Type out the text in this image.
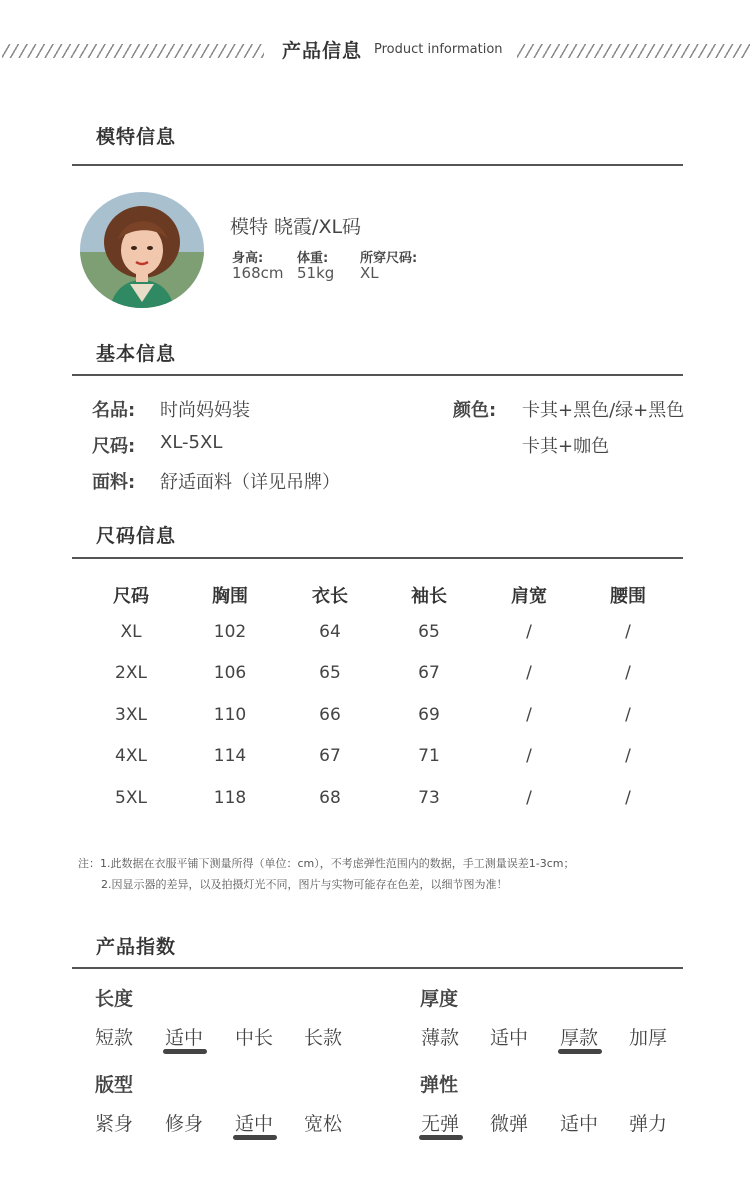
产品信息 Product information
模特信息
模特 晓霞/XL码
身高:
168cm
体重:
51kg
所穿尺码:
XL
基本信息
名品: 时尚妈妈装
尺码: XL-5XL
面料: 舒适面料（详见吊牌）
颜色: 卡其+黑色/绿+黑色
卡其+咖色
尺码信息
尺码	胸围	衣长	袖长	肩宽	腰围
XL	102	64	65	/	/
2XL	106	65	67	/	/
3XL	110	66	69	/	/
4XL	114	67	71	/	/
5XL	118	68	73	/	/
注：1.此数据在衣服平铺下测量所得（单位：cm），不考虑弹性范围内的数据，手工测量误差1-3cm；
2.因显示器的差异，以及拍摄灯光不同，图片与实物可能存在色差，以细节图为准！
产品指数
长度
短款 适中 中长 长款
厚度
薄款 适中 厚款 加厚
版型
紧身 修身 适中 宽松
弹性
无弹 微弹 适中 弹力
